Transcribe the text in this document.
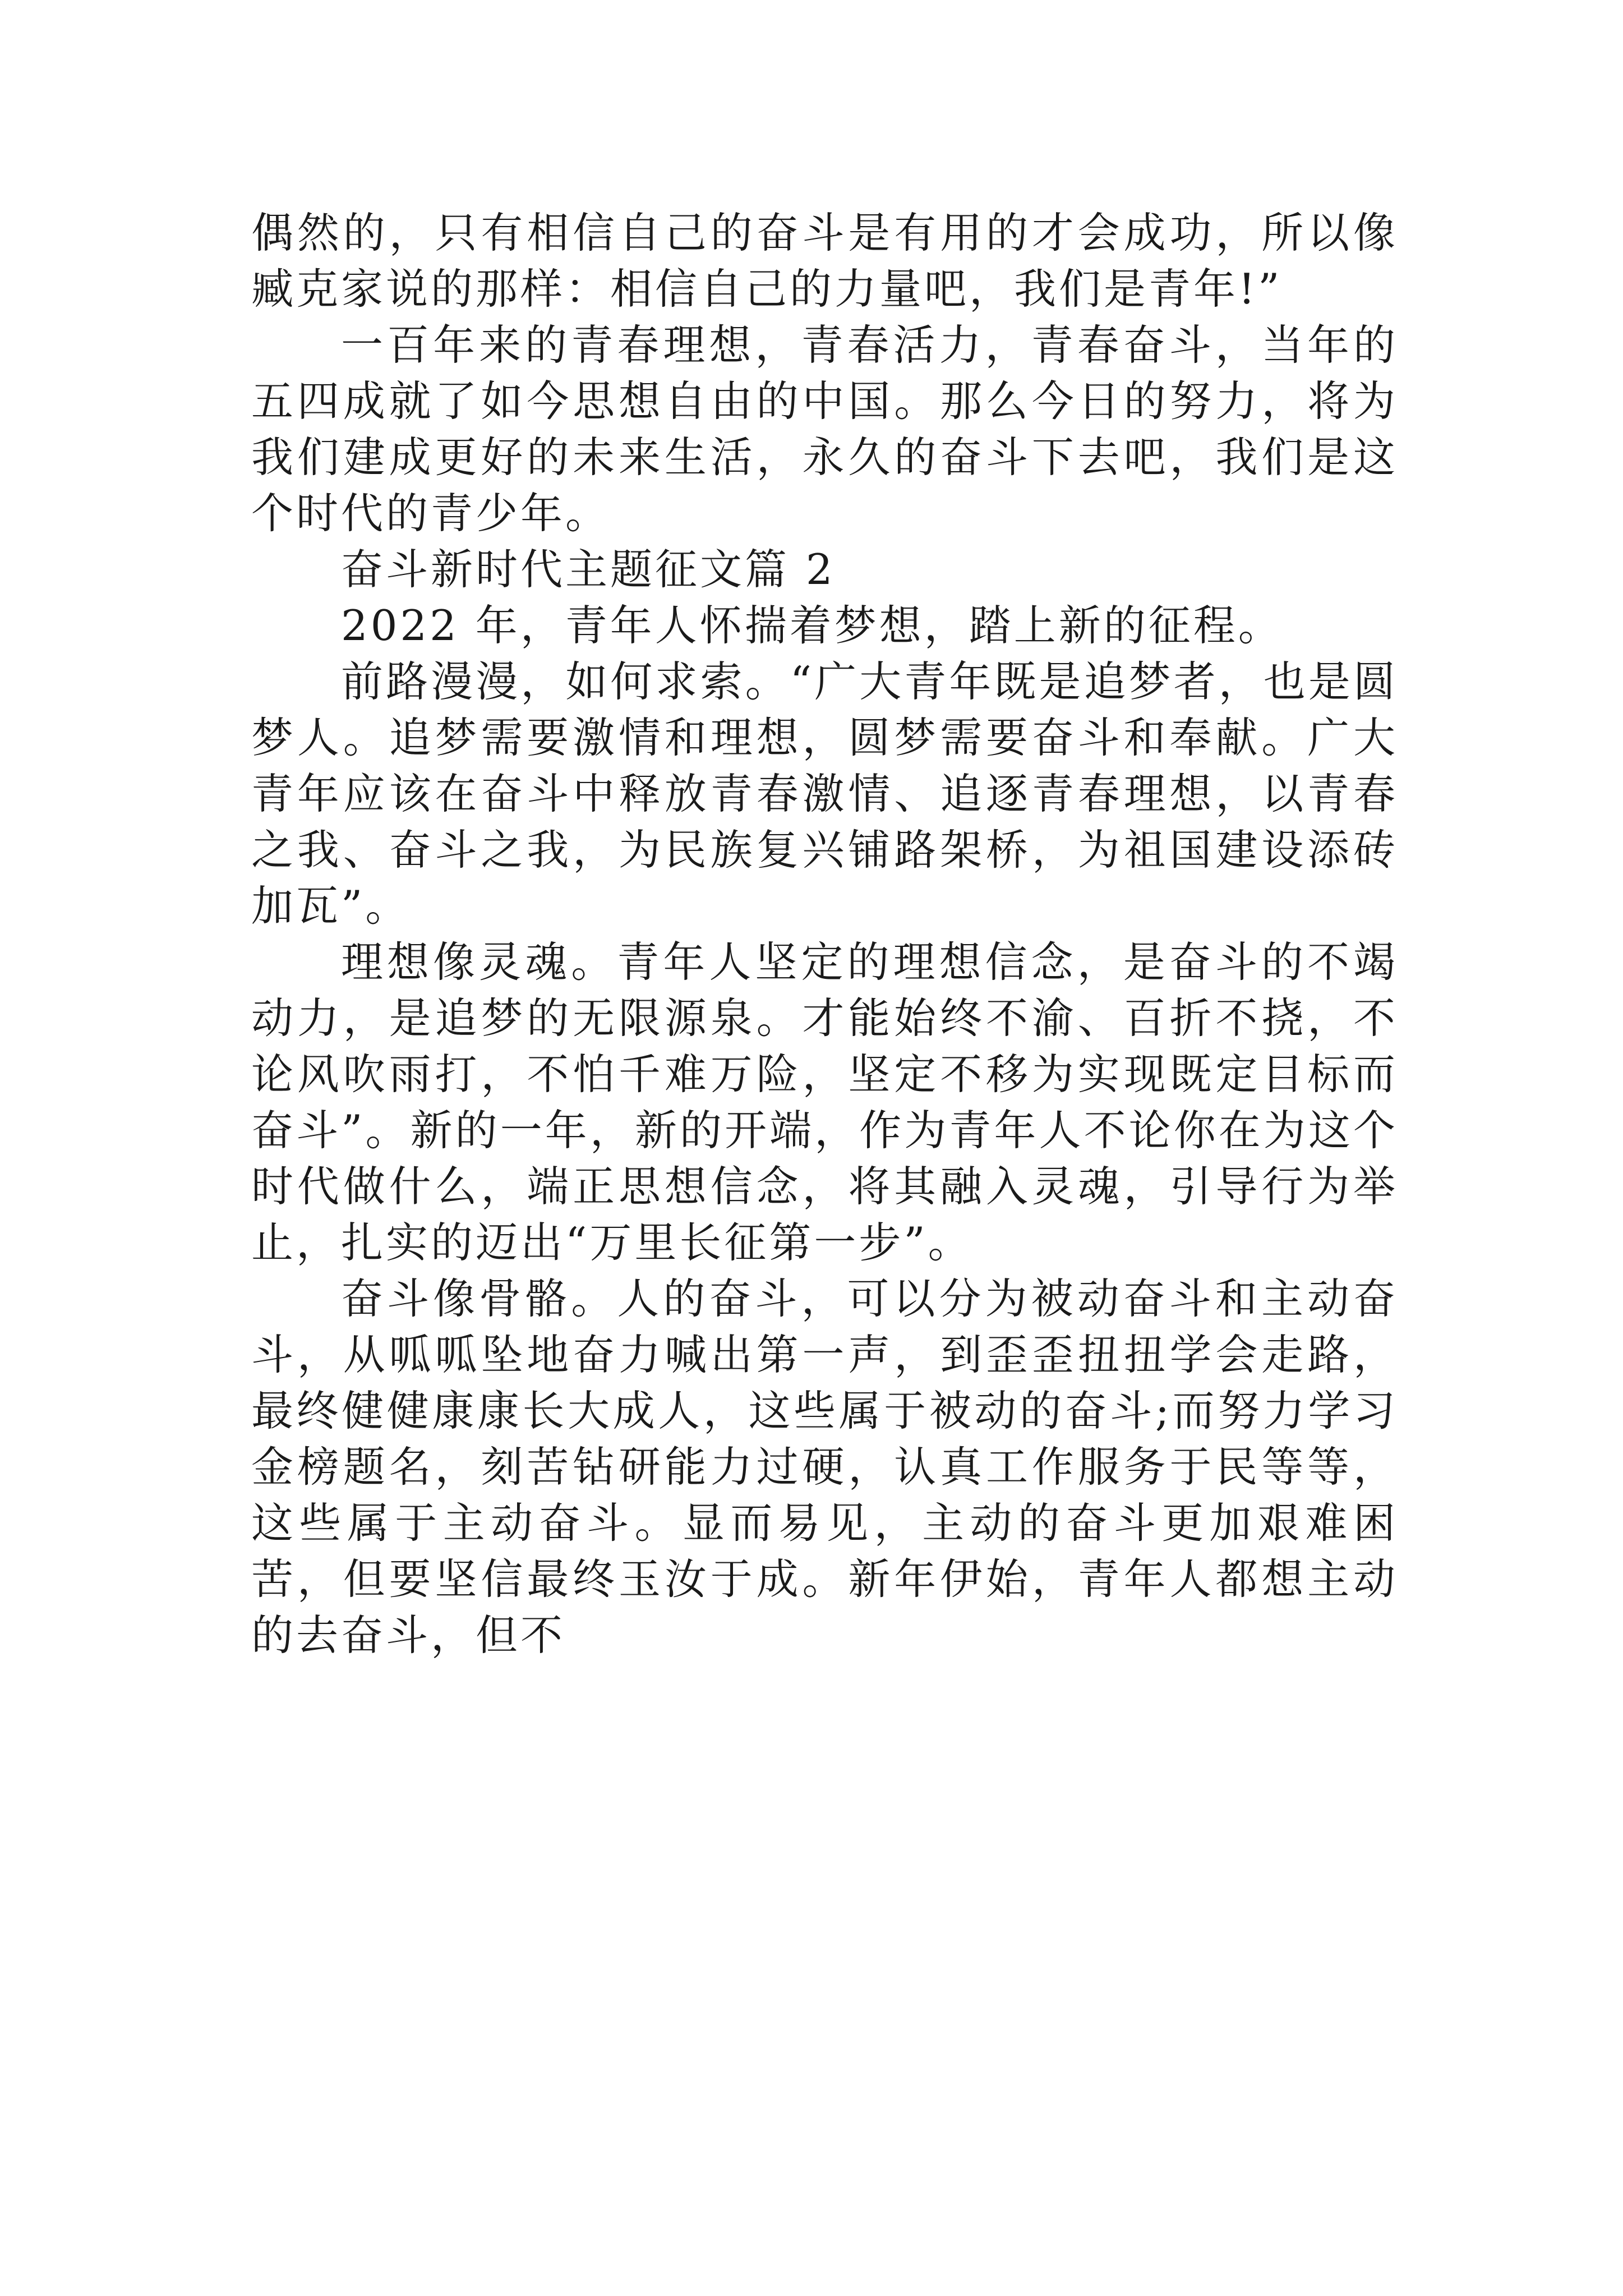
偶然的，只有相信自己的奋斗是有用的才会成功，所以像臧克家说的那样：相信自己的力量吧，我们是青年!”

一百年来的青春理想，青春活力，青春奋斗，当年的五四成就了如今思想自由的中国。那么今日的努力，将为我们建成更好的未来生活，永久的奋斗下去吧，我们是这个时代的青少年。

奋斗新时代主题征文篇 2

2022 年，青年人怀揣着梦想，踏上新的征程。

前路漫漫，如何求索。“广大青年既是追梦者，也是圆梦人。追梦需要激情和理想，圆梦需要奋斗和奉献。广大青年应该在奋斗中释放青春激情、追逐青春理想，以青春之我、奋斗之我，为民族复兴铺路架桥，为祖国建设添砖加瓦”。

理想像灵魂。青年人坚定的理想信念，是奋斗的不竭动力，是追梦的无限源泉。才能始终不渝、百折不挠，不论风吹雨打，不怕千难万险，坚定不移为实现既定目标而奋斗”。新的一年，新的开端，作为青年人不论你在为这个时代做什么，端正思想信念，将其融入灵魂，引导行为举止，扎实的迈出“万里长征第一步”。

奋斗像骨骼。人的奋斗，可以分为被动奋斗和主动奋斗，从呱呱坠地奋力喊出第一声，到歪歪扭扭学会走路，最终健健康康长大成人，这些属于被动的奋斗;而努力学习金榜题名，刻苦钻研能力过硬，认真工作服务于民等等，这些属于主动奋斗。显而易见，主动的奋斗更加艰难困苦，但要坚信最终玉汝于成。新年伊始，青年人都想主动的去奋斗，但不
